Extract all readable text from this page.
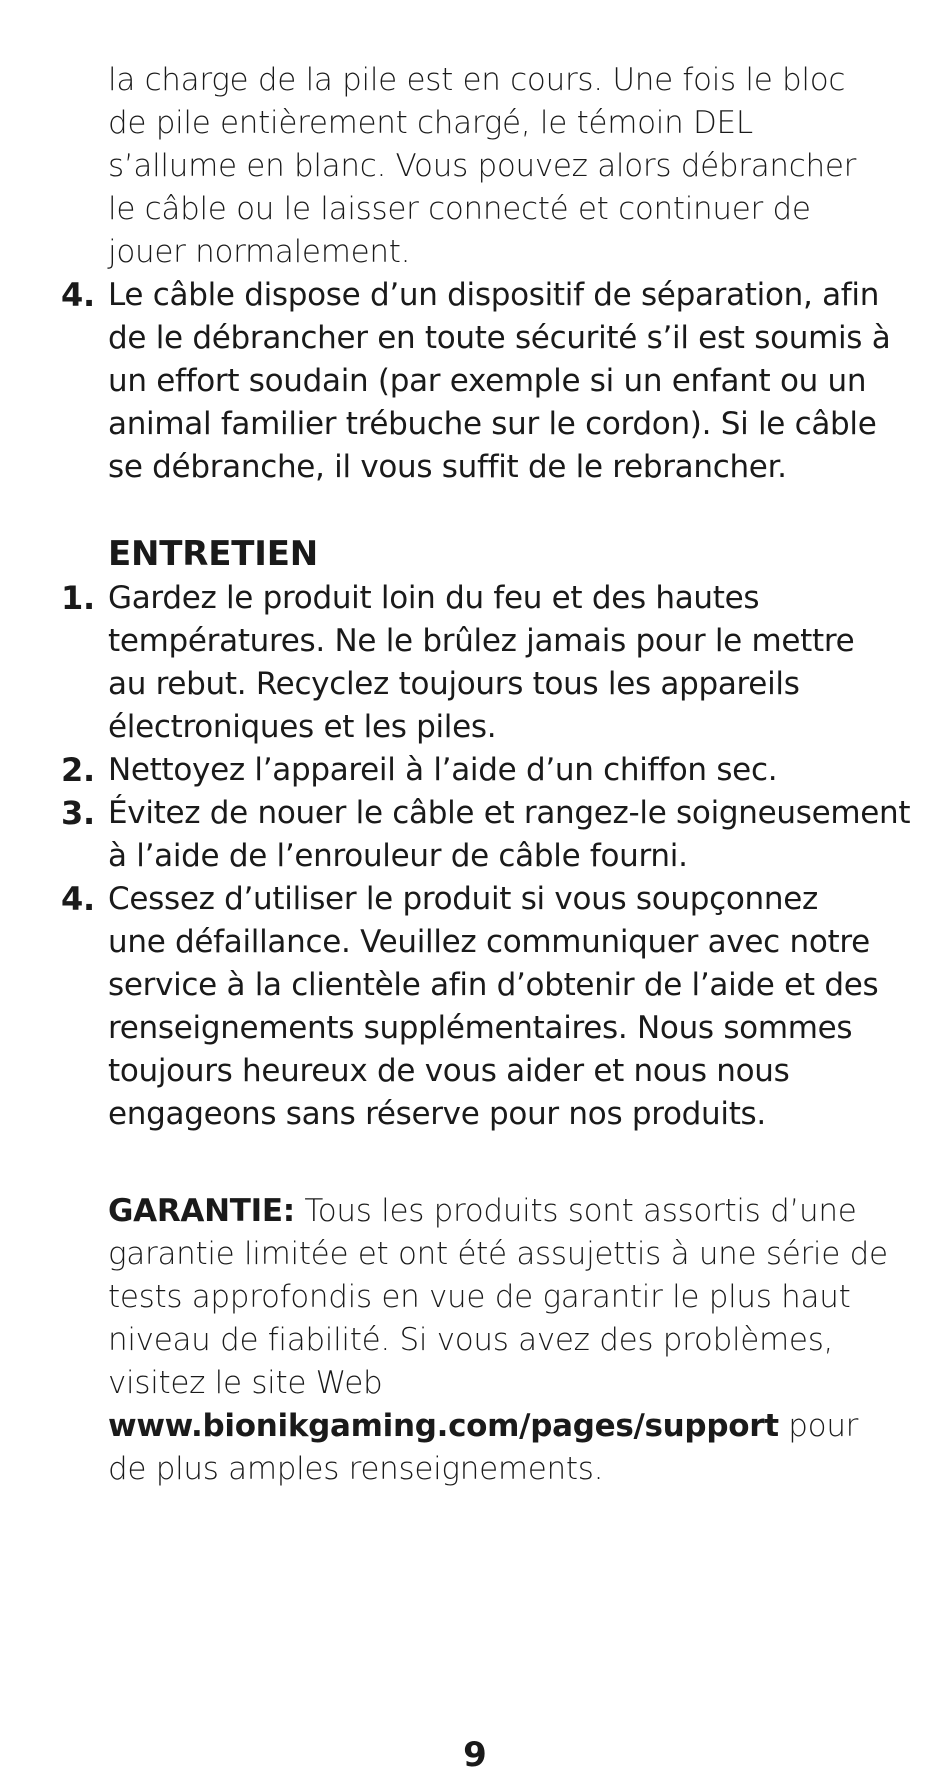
la charge de la pile est en cours. Une fois le bloc
de pile entièrement chargé, le témoin DEL
s’allume en blanc. Vous pouvez alors débrancher
le câble ou le laisser connecté et continuer de
jouer normalement.
4. Le câble dispose d’un dispositif de séparation, afin
de le débrancher en toute sécurité s’il est soumis à
un effort soudain (par exemple si un enfant ou un
animal familier trébuche sur le cordon). Si le câble
se débranche, il vous suffit de le rebrancher.
ENTRETIEN
1. Gardez le produit loin du feu et des hautes
températures. Ne le brûlez jamais pour le mettre
au rebut. Recyclez toujours tous les appareils
électroniques et les piles.
2. Nettoyez l’appareil à l’aide d’un chiffon sec.
3. Évitez de nouer le câble et rangez-le soigneusement
à l’aide de l’enrouleur de câble fourni.
4. Cessez d’utiliser le produit si vous soupçonnez
une défaillance. Veuillez communiquer avec notre
service à la clientèle afin d’obtenir de l’aide et des
renseignements supplémentaires. Nous sommes
toujours heureux de vous aider et nous nous
engageons sans réserve pour nos produits.
GARANTIE: Tous les produits sont assortis d’une
garantie limitée et ont été assujettis à une série de
tests approfondis en vue de garantir le plus haut
niveau de fiabilité. Si vous avez des problèmes,
visitez le site Web
www.bionikgaming.com/pages/support pour
de plus amples renseignements.
9
